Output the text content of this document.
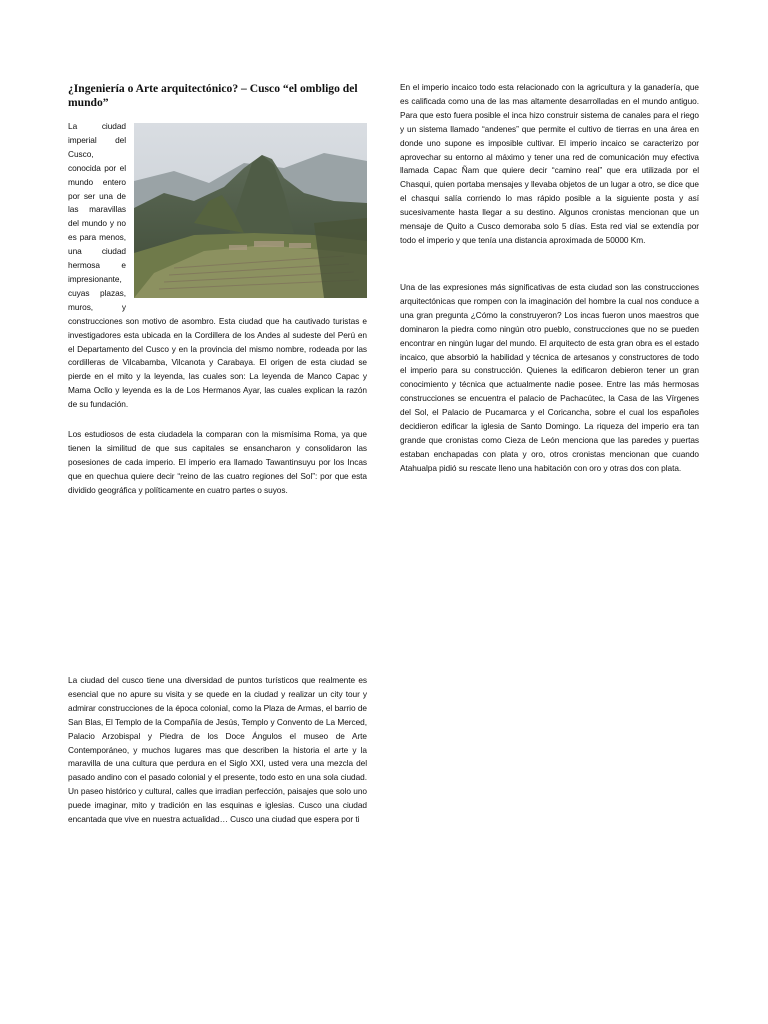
¿Ingeniería o Arte arquitectónico? – Cusco “el ombligo del mundo”

La ciudad imperial del Cusco, conocida por el mundo entero por ser una de las maravillas del mundo y no es para menos, una ciudad hermosa e impresionante, cuyas plazas, muros, y construcciones son motivo de asombro. Esta ciudad que ha cautivado turistas e investigadores esta ubicada en la Cordillera de los Andes al sudeste del Perú en el Departamento del Cusco y en la provincia del mismo nombre, rodeada por las cordilleras de Vilcabamba, Vilcanota y Carabaya. El origen de esta ciudad se pierde en el mito y la leyenda, las cuales son: La leyenda de Manco Capac y Mama Ocllo y leyenda es la de Los Hermanos Ayar, las cuales explican la razón de su fundación.

Los estudiosos de esta ciudadela la comparan con la mismísima Roma, ya que tienen la similitud de que sus capitales se ensancharon y consolidaron las posesiones de cada imperio. El imperio era llamado Tawantinsuyu por los Incas que en quechua quiere decir “reino de las cuatro regiones del Sol”: por que esta dividido geográfica y políticamente en cuatro partes o suyos.

La ciudad del cusco tiene una diversidad de puntos turísticos que realmente es esencial que no apure su visita y se quede en la ciudad y realizar un city tour y admirar construcciones de la época colonial, como la Plaza de Armas, el barrio de San Blas, El Templo de la Compañía de Jesús, Templo y Convento de La Merced, Palacio Arzobispal y Piedra de los Doce Ángulos el museo de Arte Contemporáneo, y muchos lugares mas que describen la historia el arte y la maravilla de una cultura que perdura en el Siglo XXI, usted vera una mezcla del pasado andino con el pasado colonial y el presente, todo esto en una sola ciudad. Un paseo histórico y cultural, calles que irradian perfección, paisajes que solo uno puede imaginar, mito y tradición en las esquinas e iglesias. Cusco una ciudad encantada que vive en nuestra actualidad… Cusco una ciudad que espera por ti

En el imperio incaico todo esta relacionado con la agricultura y la ganadería, que es calificada como una de las mas altamente desarrolladas en el mundo antiguo. Para que esto fuera posible el inca hizo construir sistema de canales para el riego y un sistema llamado “andenes” que permite el cultivo de tierras en una área en donde uno supone es imposible cultivar. El imperio incaico se caracterizo por aprovechar su entorno al máximo y tener una red de comunicación muy efectiva llamada Capac Ñam que quiere decir “camino real” que era utilizada por el Chasqui, quien portaba mensajes y llevaba objetos de un lugar a otro, se dice que el chasqui salía corriendo lo mas rápido posible a la siguiente posta y así sucesivamente hasta llegar a su destino. Algunos cronistas mencionan que un mensaje de Quito a Cusco demoraba solo 5 días. Esta red vial se extendía por todo el imperio y que tenía una distancia aproximada de 50000 Km.

Una de las expresiones más significativas de esta ciudad son las construcciones arquitectónicas que rompen con la imaginación del hombre la cual nos conduce a una gran pregunta ¿Cómo la construyeron? Los incas fueron unos maestros que dominaron la piedra como ningún otro pueblo, construcciones que no se pueden encontrar en ningún lugar del mundo. El arquitecto de esta gran obra es el estado incaico, que absorbió la habilidad y técnica de artesanos y constructores de todo el imperio para su construcción. Quienes la edificaron debieron tener un gran conocimiento y técnica que actualmente nadie posee. Entre las más hermosas construcciones se encuentra el palacio de Pachacútec, la Casa de las Vírgenes del Sol, el Palacio de Pucamarca y el Coricancha, sobre el cual los españoles decidieron edificar la iglesia de Santo Domingo. La riqueza del imperio era tan grande que cronistas como Cieza de León menciona que las paredes y puertas estaban enchapadas con plata y oro, otros cronistas mencionan que cuando Atahualpa pidió su rescate lleno una habitación con oro y otras dos con plata.
